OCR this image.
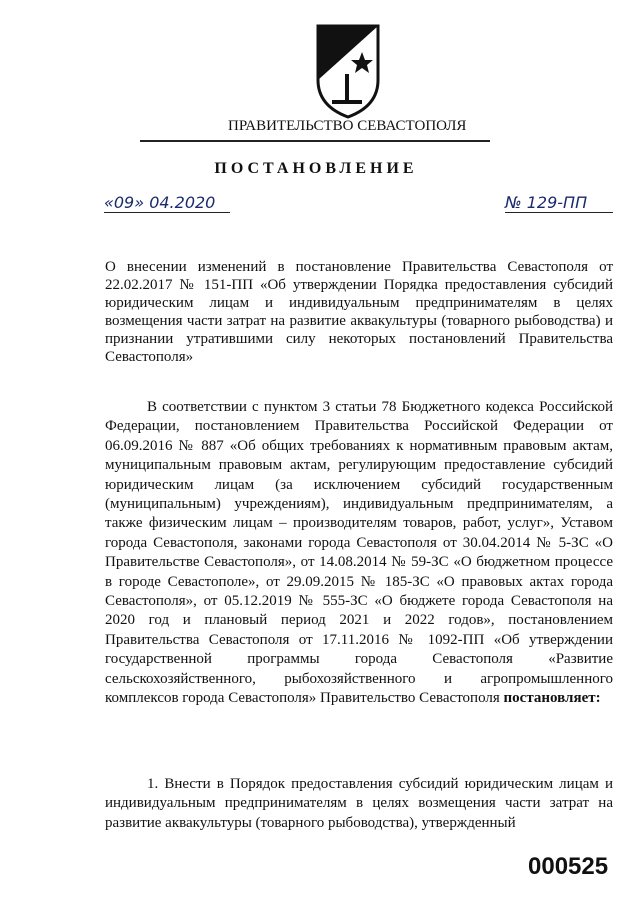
ПРАВИТЕЛЬСТВО СЕВАСТОПОЛЯ
ПОСТАНОВЛЕНИЕ
«09» 04.2020	№ 129-ПП
О внесении изменений в постановление Правительства Севастополя от 22.02.2017 № 151-ПП «Об утверждении Порядка предоставления субсидий юридическим лицам и индивидуальным предпринимателям в целях возмещения части затрат на развитие аквакультуры (товарного рыбоводства) и признании утратившими силу некоторых постановлений Правительства Севастополя»
В соответствии с пунктом 3 статьи 78 Бюджетного кодекса Российской Федерации, постановлением Правительства Российской Федерации от 06.09.2016 № 887 «Об общих требованиях к нормативным правовым актам, муниципальным правовым актам, регулирующим предоставление субсидий юридическим лицам (за исключением субсидий государственным (муниципальным) учреждениям), индивидуальным предпринимателям, а также физическим лицам – производителям товаров, работ, услуг», Уставом города Севастополя, законами города Севастополя от 30.04.2014 № 5-ЗС «О Правительстве Севастополя», от 14.08.2014 № 59-ЗС «О бюджетном процессе в городе Севастополе», от 29.09.2015 № 185-ЗС «О правовых актах города Севастополя», от 05.12.2019 № 555-ЗС «О бюджете города Севастополя на 2020 год и плановый период 2021 и 2022 годов», постановлением Правительства Севастополя от 17.11.2016 № 1092-ПП «Об утверждении государственной программы города Севастополя «Развитие сельскохозяйственного, рыбохозяйственного и агропромышленного комплексов города Севастополя» Правительство Севастополя постановляет:
1. Внести в Порядок предоставления субсидий юридическим лицам и индивидуальным предпринимателям в целях возмещения части затрат на развитие аквакультуры (товарного рыбоводства), утвержденный
000525
